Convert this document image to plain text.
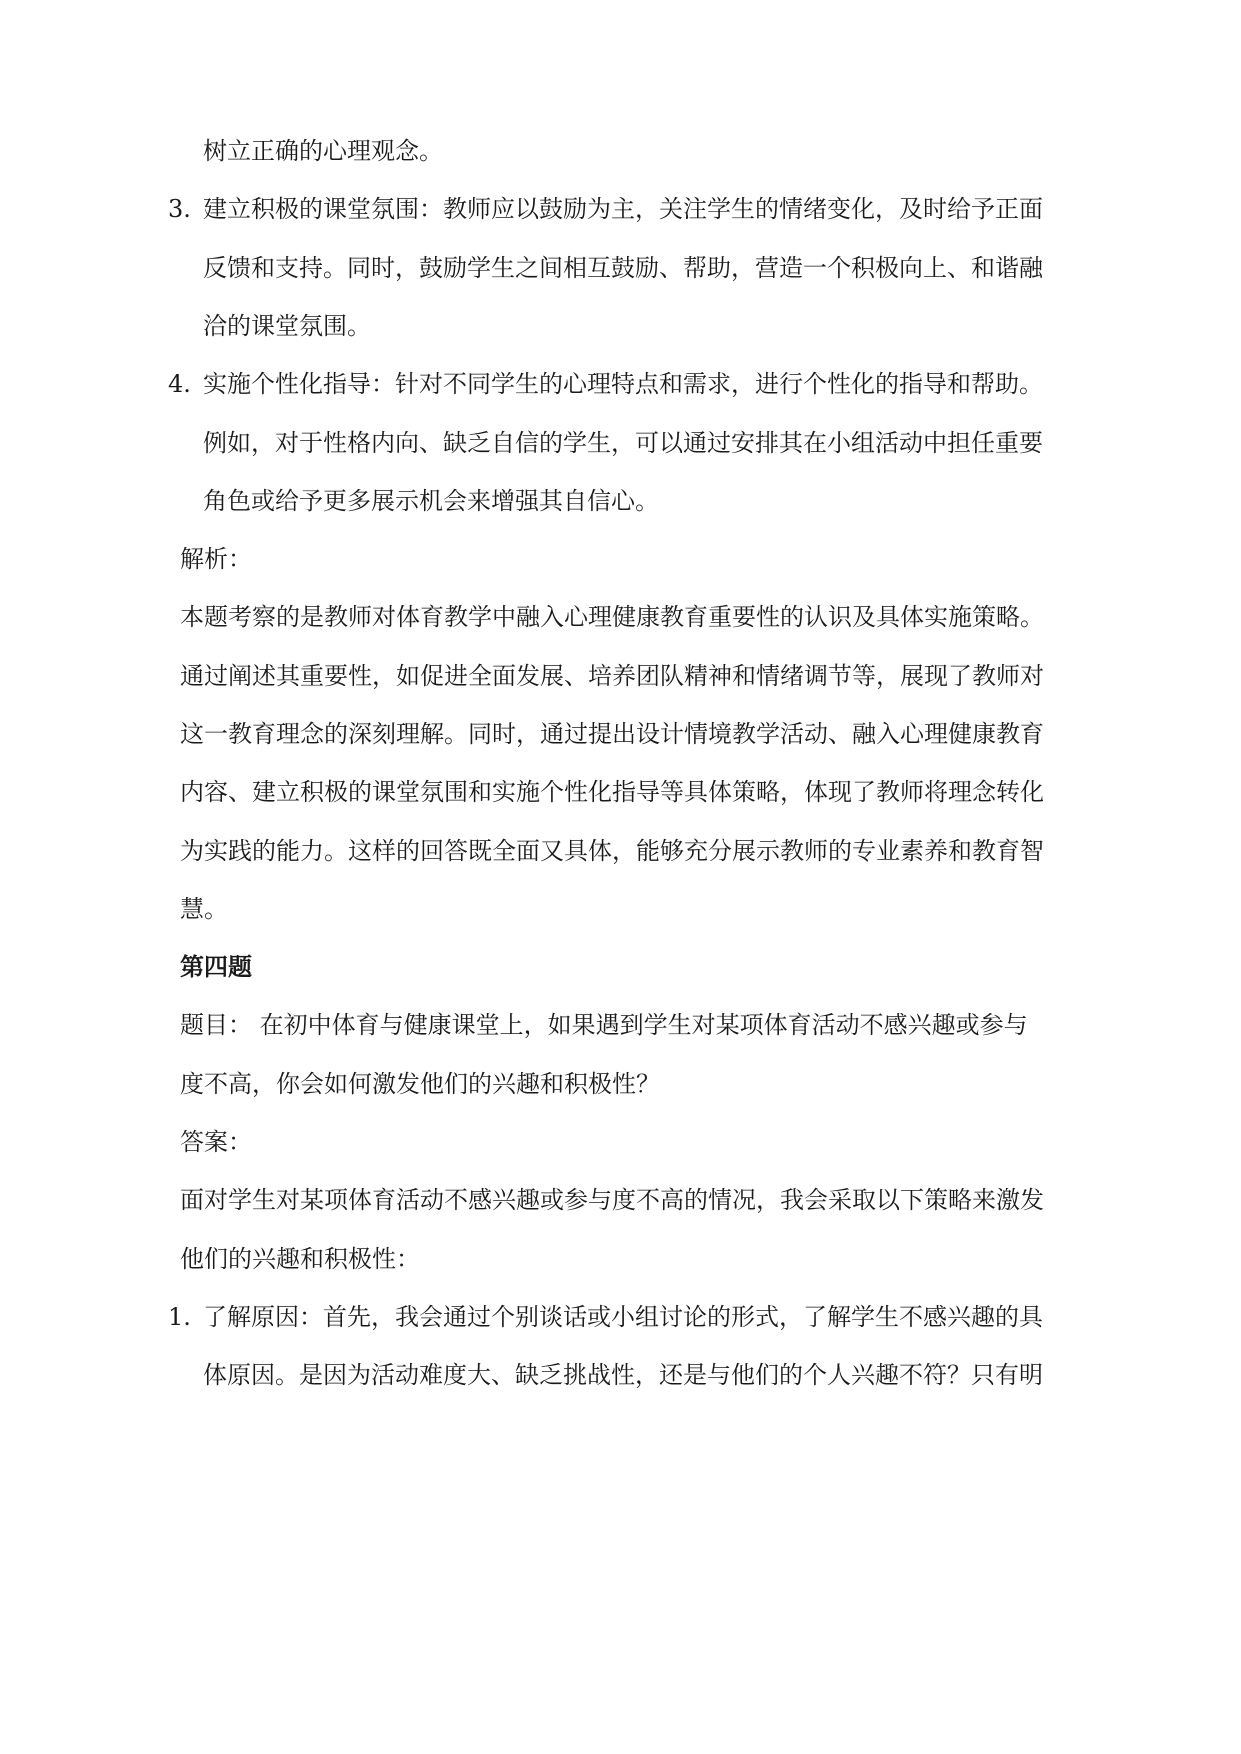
树立正确的心理观念。
3. 建立积极的课堂氛围：教师应以鼓励为主，关注学生的情绪变化，及时给予正面
反馈和支持。同时，鼓励学生之间相互鼓励、帮助，营造一个积极向上、和谐融
洽的课堂氛围。
4. 实施个性化指导：针对不同学生的心理特点和需求，进行个性化的指导和帮助。
例如，对于性格内向、缺乏自信的学生，可以通过安排其在小组活动中担任重要
角色或给予更多展示机会来增强其自信心。
解析：
本题考察的是教师对体育教学中融入心理健康教育重要性的认识及具体实施策略。
通过阐述其重要性，如促进全面发展、培养团队精神和情绪调节等，展现了教师对
这一教育理念的深刻理解。同时，通过提出设计情境教学活动、融入心理健康教育
内容、建立积极的课堂氛围和实施个性化指导等具体策略，体现了教师将理念转化
为实践的能力。这样的回答既全面又具体，能够充分展示教师的专业素养和教育智
慧。
第四题
题目： 在初中体育与健康课堂上，如果遇到学生对某项体育活动不感兴趣或参与
度不高，你会如何激发他们的兴趣和积极性？
答案：
面对学生对某项体育活动不感兴趣或参与度不高的情况，我会采取以下策略来激发
他们的兴趣和积极性：
1. 了解原因：首先，我会通过个别谈话或小组讨论的形式，了解学生不感兴趣的具
体原因。是因为活动难度大、缺乏挑战性，还是与他们的个人兴趣不符？只有明
